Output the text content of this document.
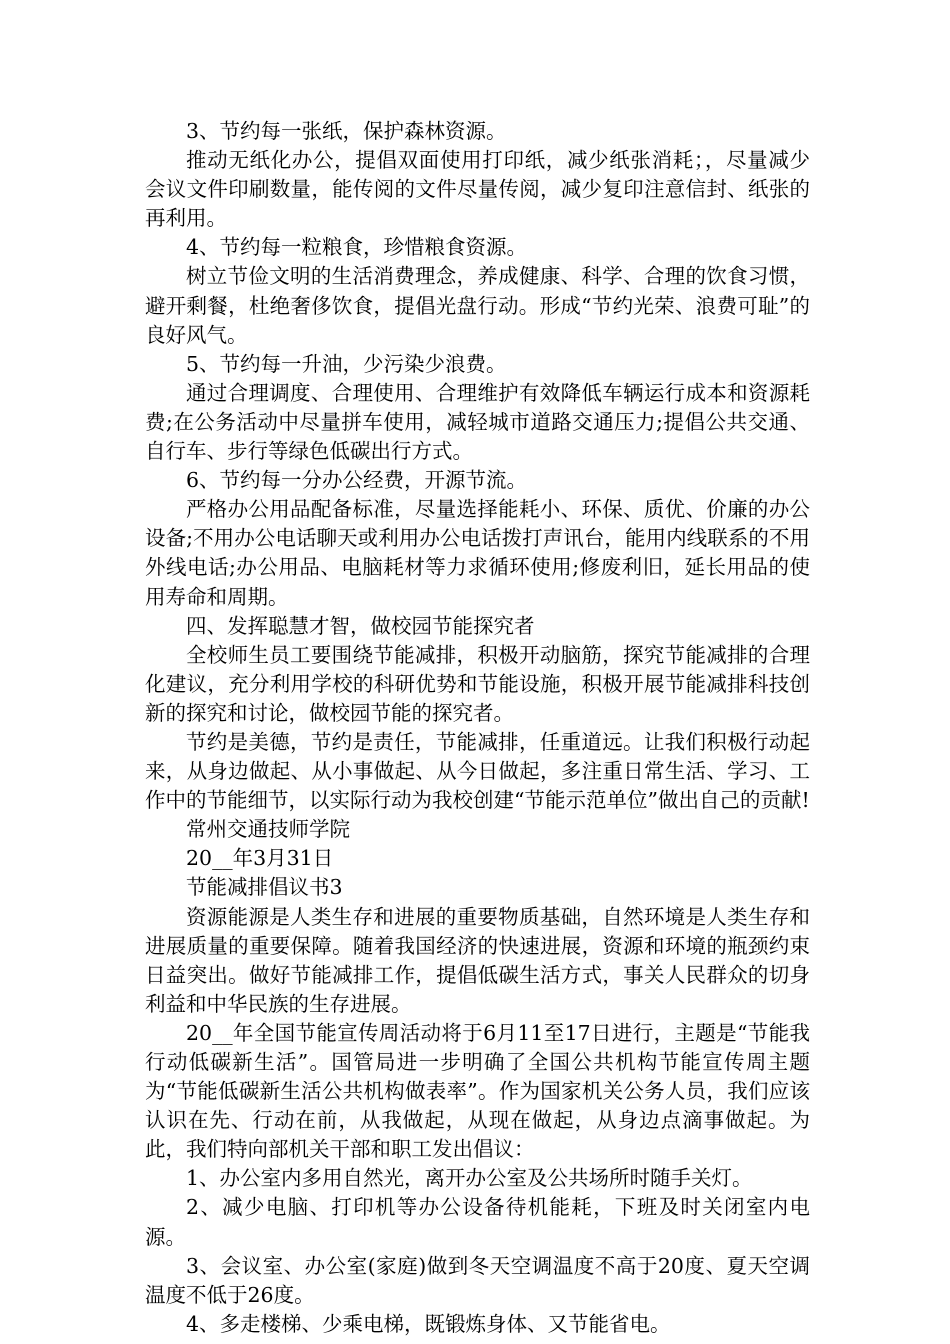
3、节约每一张纸，保护森林资源。

推动无纸化办公，提倡双面使用打印纸，减少纸张消耗；，尽量减少会议文件印刷数量，能传阅的文件尽量传阅，减少复印注意信封、纸张的再利用。

4、节约每一粒粮食，珍惜粮食资源。

树立节俭文明的生活消费理念，养成健康、科学、合理的饮食习惯，避开剩餐，杜绝奢侈饮食，提倡光盘行动。形成“节约光荣、浪费可耻”的良好风气。

5、节约每一升油，少污染少浪费。

通过合理调度、合理使用、合理维护有效降低车辆运行成本和资源耗费;在公务活动中尽量拼车使用，减轻城市道路交通压力;提倡公共交通、自行车、步行等绿色低碳出行方式。

6、节约每一分办公经费，开源节流。

严格办公用品配备标准，尽量选择能耗小、环保、质优、价廉的办公设备;不用办公电话聊天或利用办公电话拨打声讯台，能用内线联系的不用外线电话;办公用品、电脑耗材等力求循环使用;修废利旧，延长用品的使用寿命和周期。

四、发挥聪慧才智，做校园节能探究者

全校师生员工要围绕节能减排，积极开动脑筋，探究节能减排的合理化建议，充分利用学校的科研优势和节能设施，积极开展节能减排科技创新的探究和讨论，做校园节能的探究者。

节约是美德，节约是责任，节能减排，任重道远。让我们积极行动起来，从身边做起、从小事做起、从今日做起，多注重日常生活、学习、工作中的节能细节，以实际行动为我校创建“节能示范单位”做出自己的贡献!

常州交通技师学院

20__年3月31日

节能减排倡议书3

资源能源是人类生存和进展的重要物质基础，自然环境是人类生存和进展质量的重要保障。随着我国经济的快速进展，资源和环境的瓶颈约束日益突出。做好节能减排工作，提倡低碳生活方式，事关人民群众的切身利益和中华民族的生存进展。

20__年全国节能宣传周活动将于6月11至17日进行，主题是“节能我行动低碳新生活”。国管局进一步明确了全国公共机构节能宣传周主题为“节能低碳新生活公共机构做表率”。作为国家机关公务人员，我们应该认识在先、行动在前，从我做起，从现在做起，从身边点滴事做起。为此，我们特向部机关干部和职工发出倡议：

1、办公室内多用自然光，离开办公室及公共场所时随手关灯。

2、减少电脑、打印机等办公设备待机能耗，下班及时关闭室内电源。

3、会议室、办公室(家庭)做到冬天空调温度不高于20度、夏天空调温度不低于26度。

4、多走楼梯、少乘电梯，既锻炼身体、又节能省电。
